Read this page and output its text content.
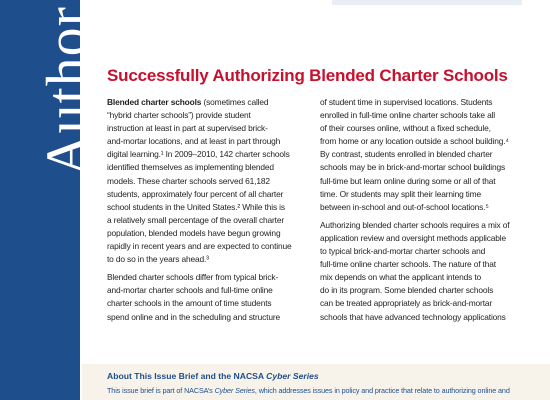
Author Successfully Authorizing Blended Charter Schools

Blended charter schools (sometimes called
“hybrid charter schools”) provide student
instruction at least in part at supervised brick-
and-mortar locations, and at least in part through
digital learning.¹ In 2009–2010, 142 charter schools
identified themselves as implementing blended
models. These charter schools served 61,182
students, approximately four percent of all charter
school students in the United States.² While this is
a relatively small percentage of the overall charter
population, blended models have begun growing
rapidly in recent years and are expected to continue
to do so in the years ahead.³

Blended charter schools differ from typical brick-
and-mortar charter schools and full-time online
charter schools in the amount of time students
spend online and in the scheduling and structure

of student time in supervised locations. Students
enrolled in full-time online charter schools take all
of their courses online, without a fixed schedule,
from home or any location outside a school building.⁴
By contrast, students enrolled in blended charter
schools may be in brick-and-mortar school buildings
full-time but learn online during some or all of that
time. Or students may split their learning time
between in-school and out-of-school locations.⁵

Authorizing blended charter schools requires a mix of
application review and oversight methods applicable
to typical brick-and-mortar charter schools and
full-time online charter schools. The nature of that
mix depends on what the applicant intends to
do in its program. Some blended charter schools
can be treated appropriately as brick-and-mortar
schools that have advanced technology applications

About This Issue Brief and the NACSA Cyber Series
This issue brief is part of NACSA’s Cyber Series, which addresses issues in policy and practice that relate to authorizing online and
